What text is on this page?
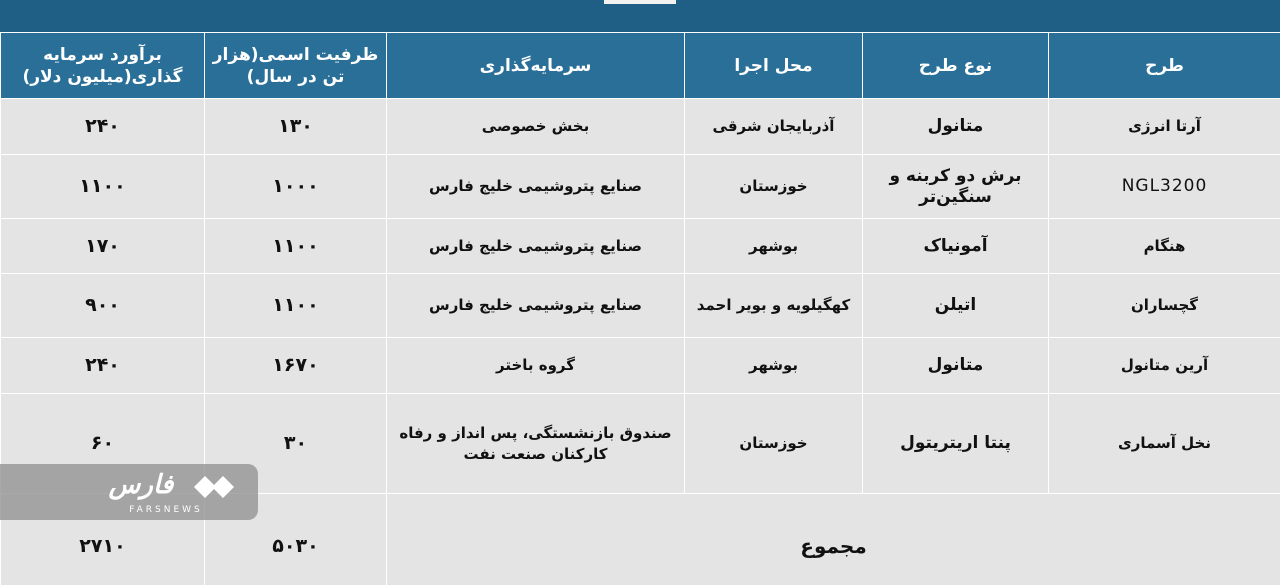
برآورد سرمایه گذاری(میلیون دلار)	ظرفیت اسمی(هزار تن در سال)	سرمایه‌گذاری	محل اجرا	نوع طرح	طرح

۲۴۰	۱۳۰	بخش خصوصی	آذربایجان شرقی	متانول	آرتا انرژی

۱۱۰۰	۱۰۰۰	صنایع پتروشیمی خلیج فارس	خوزستان	برش دو کربنه و سنگین‌تر	NGL3200
۱۷۰	۱۱۰۰	صنایع پتروشیمی خلیج فارس	بوشهر	آمونیاک	هنگام

۹۰۰	۱۱۰۰	صنایع پتروشیمی خلیج فارس	کهگیلویه و بویر احمد	اتیلن	گچساران

۲۴۰	۱۶۷۰	گروه باختر	بوشهر	متانول	آرین متانول

۶۰	۳۰	صندوق بازنشستگی، پس انداز و رفاه کارکنان صنعت نفت	خوزستان	پنتا اریتریتول	نخل آسماری

۲۷۱۰	۵۰۳۰	مجموع			
فارس
FARSNEWS
